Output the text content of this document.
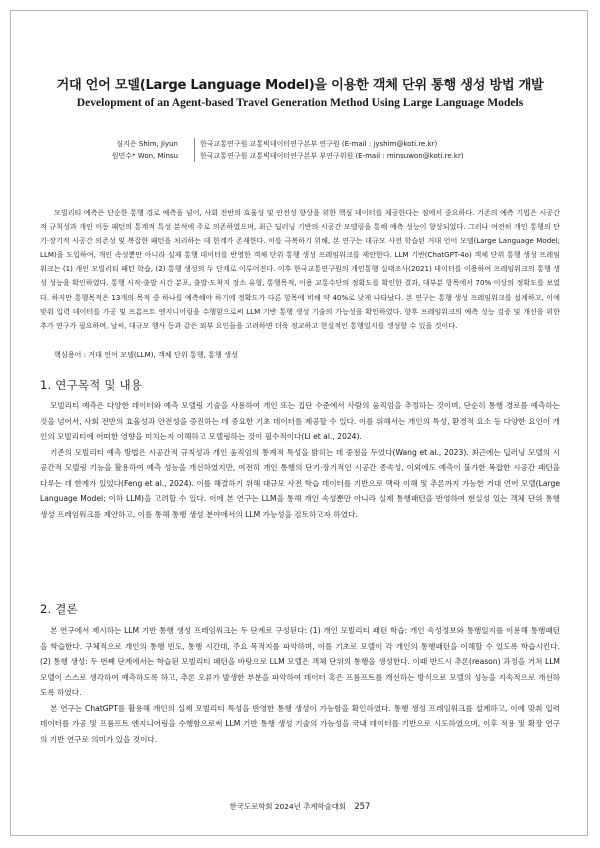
거대 언어 모델(Large Language Model)을 이용한 객체 단위 통행 생성 방법 개발
Development of an Agent-based Travel Generation Method Using Large Language Models
심지은 Shim, Jiyun	한국교통연구원 교통빅데이터연구본부 연구원 (E-mail : jyshim@koti.re.kr)
원민수* Won, Minsu	한국교통연구원 교통빅데이터연구본부 부연구위원 (E-mail : minsuwon@koti.re.kr)
모빌리티 예측은 단순한 통행 경로 예측을 넘어, 사회 전반의 효율성 및 안전성 향상을 위한 핵심 데이터를 제공한다는 점에서 중요하다. 기존의 예측 기법은 시공간적 규칙성과 개인 이동 패턴의 통계적 특성 분석에 주로 의존하였으며, 최근 딥러닝 기반의 시공간 모델링을 통해 예측 성능이 향상되었다. 그러나 여전히 개인 통행의 단기·장기적 시공간 의존성 및 복잡한 패턴을 처리하는 데 한계가 존재한다. 이를 극복하기 위해, 본 연구는 대규모 사전 학습된 거대 언어 모델(Large Language Model; LLM)을 도입하여, 개인 속성뿐만 아니라 실제 통행 데이터를 반영한 객체 단위 통행 생성 프레임워크를 제안한다. LLM 기반(ChatGPT-4o) 객체 단위 통행 생성 프레임워크는 (1) 개인 모빌리티 패턴 학습, (2) 통행 생성의 두 단계로 이루어진다. 이후 한국교통연구원의 개인통행 실태조사(2021) 데이터를 이용하여 프레임워크의 통행 생성 성능을 확인하였다. 통행 시작·출발 시간 분포, 출발·도착지 장소 유형, 통행목적, 이용 교통수단의 정확도를 확인한 결과, 대부분 항목에서 70% 이상의 정확도를 보였다. 하지만 통행목적은 13개의 목적 중 하나를 예측해야 하기에 정확도가 다른 항목에 비해 약 40%로 낮게 나타났다. 본 연구는 통행 생성 프레임워크를 설계하고, 이에 맞춰 입력 데이터를 가공 및 프롬프트 엔지니어링을 수행함으로써 LLM 기반 통행 생성 기술의 가능성을 확인하였다. 향후 프레임워크의 예측 성능 검증 및 개선을 위한 추가 연구가 필요하며, 날씨, 대규모 행사 등과 같은 외부 요인들을 고려하면 더욱 정교하고 현실적인 통행일지를 생성할 수 있을 것이다.
핵심용어 : 거대 언어 모델(LLM), 객체 단위 통행, 통행 생성
1. 연구목적 및 내용

모빌리티 예측은 다양한 데이터와 예측 모델링 기술을 사용하여 개인 또는 집단 수준에서 사람의 움직임을 추정하는 것이며, 단순히 통행 경로를 예측하는 것을 넘어서, 사회 전반의 효율성과 안전성을 증진하는 데 중요한 기초 데이터를 제공할 수 있다. 이를 위해서는 개인의 특성, 환경적 요소 등 다양한 요인이 개인의 모빌리티에 어떠한 영향을 미치는지 이해하고 모델링하는 것이 필수적이다(Li et al., 2024).

기존의 모빌리티 예측 방법은 시공간적 규칙성과 개인 움직임의 통계적 특성을 밝히는 데 중점을 두었다(Wang et al., 2023). 최근에는 딥러닝 모델의 시공간적 모델링 기능을 활용하여 예측 성능을 개선하였지만, 여전히 개인 통행의 단기·장기적인 시공간 종속성, 이외에도 예측이 불가한 복잡한 시공간 패턴을 다루는 데 한계가 있었다(Feng et al., 2024). 이를 해결하기 위해 대규모 사전 학습 데이터를 기반으로 맥락 이해 및 추론까지 가능한 거대 언어 모델(Large Language Model; 이하 LLM)을 고려할 수 있다. 이에 본 연구는 LLM을 통해 개인 속성뿐만 아니라 실제 통행패턴을 반영하여 현실성 있는 객체 단위 통행 생성 프레임워크를 제안하고, 이를 통해 통행 생성 분야에서의 LLM 가능성을 검토하고자 하였다.

2. 결론

본 연구에서 제시하는 LLM 기반 통행 생성 프레임워크는 두 단계로 구성된다: (1) 개인 모빌리티 패턴 학습: 개인 속성정보와 통행일지를 이용해 통행패턴을 학습한다. 구체적으로 개인의 통행 빈도, 통행 시간대, 주요 목적지를 파악하며, 이를 기초로 모델이 각 개인의 통행패턴을 이해할 수 있도록 학습시킨다. (2) 통행 생성: 두 번째 단계에서는 학습된 모빌리티 패턴을 바탕으로 LLM 모델은 객체 단위의 통행을 생성한다. 이때 반드시 추론(reason) 과정을 거쳐 LLM 모델이 스스로 생각하여 예측하도록 하고, 추론 오류가 발생한 부분을 파악하여 데이터 혹은 프롬프트를 개선하는 방식으로 모델의 성능을 지속적으로 개선하도록 하였다.

본 연구는 ChatGPT를 활용해 개인의 실제 모빌리티 특성을 반영한 통행 생성이 가능함을 확인하였다. 통행 생성 프레임워크를 설계하고, 이에 맞춰 입력 데이터를 가공 및 프롬프트 엔지니어링을 수행함으로써 LLM 기반 통행 생성 기술의 가능성을 국내 데이터를 기반으로 시도하였으며, 이후 적용 및 확장 연구의 기반 연구로 의미가 있을 것이다.

한국도로학회 2024년 추계학술대회 257
